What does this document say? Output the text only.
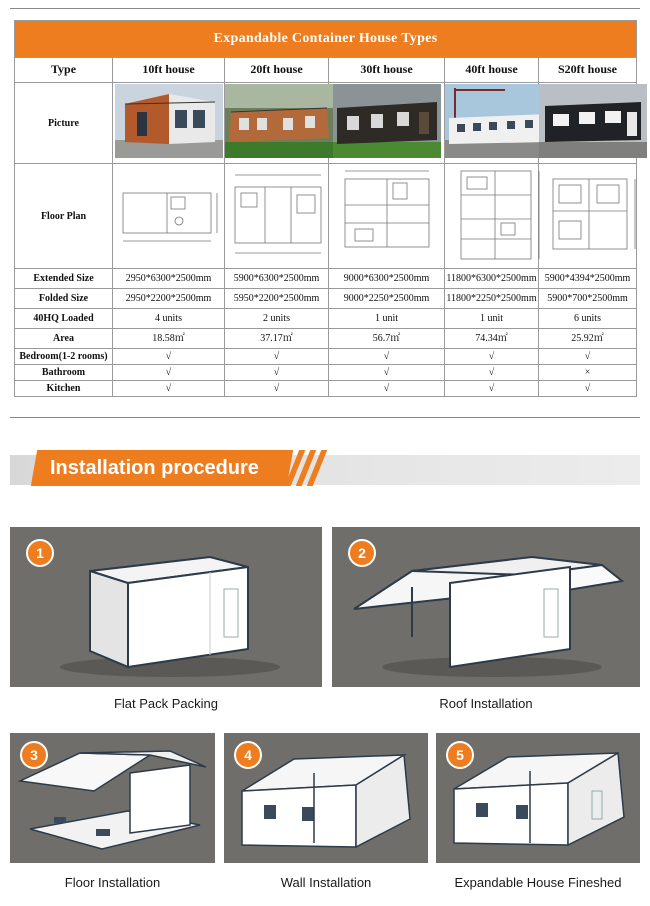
Expandable Container House Types					
Type	10ft house	20ft house	30ft house	40ft house	S20ft house
Picture					
Floor Plan					
Extended Size	2950*6300*2500mm	5900*6300*2500mm	9000*6300*2500mm	11800*6300*2500mm	5900*4394*2500mm
Folded Size	2950*2200*2500mm	5950*2200*2500mm	9000*2250*2500mm	11800*2250*2500mm	5900*700*2500mm
40HQ Loaded	4 units	2 units	1 unit	1 unit	6 units
Area	18.58㎡	37.17㎡	56.7㎡	74.34㎡	25.92㎡
Bedroom(1-2 rooms)	√	√	√	√	√
Bathroom	√	√	√	√	×
Kitchen	√	√	√	√	√
Installation procedure
1
Flat Pack Packing
2
Roof Installation
3
Floor Installation
4
Wall Installation
5
Expandable House Fineshed
